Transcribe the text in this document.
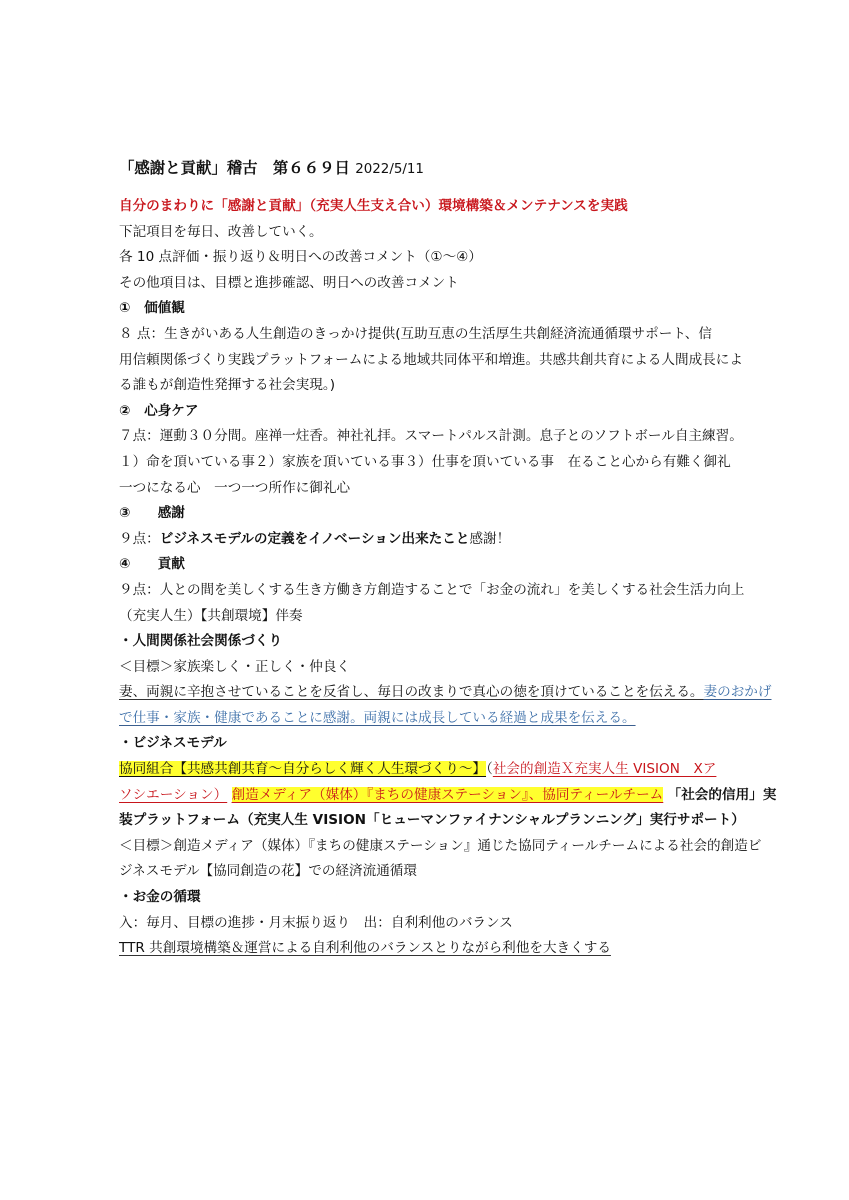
「感謝と貢献」稽古　第６６９日 2022/5/11
自分のまわりに「感謝と貢献」（充実人生支え合い）環境構築＆メンテナンスを実践
下記項目を毎日、改善していく。
各 10 点評価・振り返り＆明日への改善コメント（①～④）
その他項目は、目標と進捗確認、明日への改善コメント
①　価値観
８ 点：生きがいある人生創造のきっかけ提供(互助互恵の生活厚生共創経済流通循環サポート、信
用信頼関係づくり実践プラットフォームによる地域共同体平和増進。共感共創共育による人間成長によ
る誰もが創造性発揮する社会実現。)
②　心身ケア
７点：運動３０分間。座禅一炷香。神社礼拝。スマートパルス計測。息子とのソフトボール自主練習。
１）命を頂いている事２）家族を頂いている事３）仕事を頂いている事　在ること心から有難く御礼
一つになる心　一つ一つ所作に御礼心
③　　感謝
９点：ビジネスモデルの定義をイノベーション出来たこと感謝！
④　　貢献
９点：人との間を美しくする生き方働き方創造することで「お金の流れ」を美しくする社会生活力向上
（充実人生）【共創環境】伴奏
・人間関係社会関係づくり
＜目標＞家族楽しく・正しく・仲良く
妻、両親に辛抱させていることを反省し、毎日の改まりで真心の徳を頂けていることを伝える。妻のおかげ
で仕事・家族・健康であることに感謝。両親には成長している経過と成果を伝える。
・ビジネスモデル
協同組合【共感共創共育～自分らしく輝く人生環づくり～】（社会的創造Ｘ充実人生 VISION　Xア
ソシエーション） 創造メディア（媒体）『まちの健康ステーション』、協同ティールチーム 「社会的信用」実
装プラットフォーム（充実人生 VISION「ヒューマンファイナンシャルプランニング」実行サポート）
＜目標＞創造メディア（媒体）『まちの健康ステーション』通じた協同ティールチームによる社会的創造ビ
ジネスモデル【協同創造の花】での経済流通循環
・お金の循環
入：毎月、目標の進捗・月末振り返り　出：自利利他のバランス
TTR 共創環境構築＆運営による自利利他のバランスとりながら利他を大きくする
